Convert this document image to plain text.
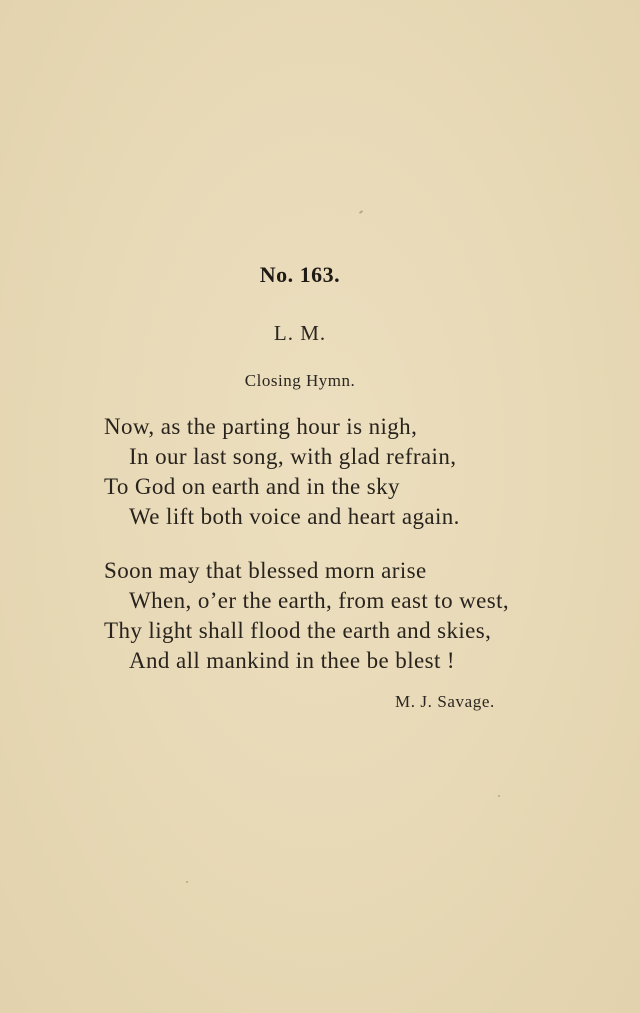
No. 163.
L. M.
Closing Hymn.
Now, as the parting hour is nigh,
In our last song, with glad refrain,
To God on earth and in the sky
We lift both voice and heart again.
Soon may that blessed morn arise
When, o’er the earth, from east to west,
Thy light shall flood the earth and skies,
And all mankind in thee be blest !
M. J. Savage.
